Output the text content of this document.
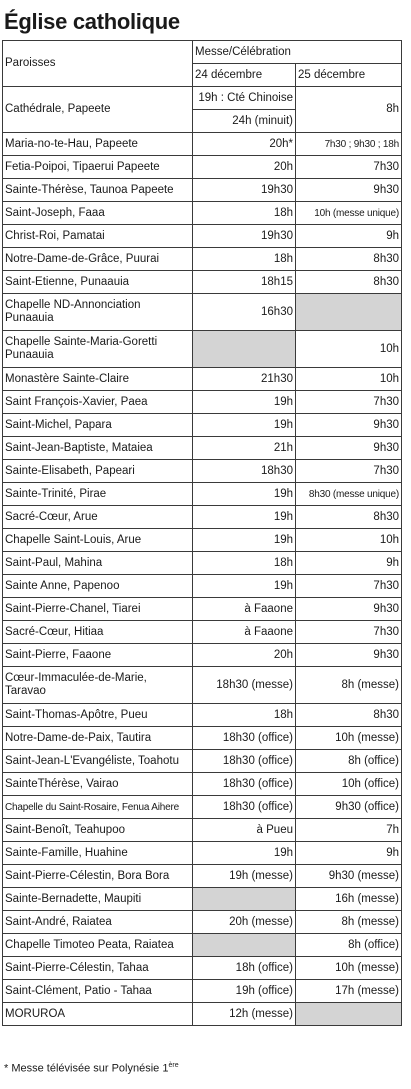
Église catholique
Paroisses	Messe/Célébration	
	24 décembre	25 décembre
Cathédrale, Papeete	19h : Cté Chinoise	8h
	24h (minuit)	
Maria-no-te-Hau, Papeete	20h*	7h30 ; 9h30 ; 18h
Fetia-Poipoi, Tipaerui Papeete	20h	7h30
Sainte-Thérèse, Taunoa Papeete	19h30	9h30
Saint-Joseph, Faaa	18h	10h (messe unique)
Christ-Roi, Pamatai	19h30	9h
Notre-Dame-de-Grâce, Puurai	18h	8h30
Saint-Etienne, Punaauia	18h15	8h30
Chapelle ND-Annonciation Punaauia	16h30	
Chapelle Sainte-Maria-Goretti Punaauia		10h
Monastère Sainte-Claire	21h30	10h
Saint François-Xavier, Paea	19h	7h30
Saint-Michel, Papara	19h	9h30
Saint-Jean-Baptiste, Mataiea	21h	9h30
Sainte-Elisabeth, Papeari	18h30	7h30
Sainte-Trinité, Pirae	19h	8h30 (messe unique)
Sacré-Cœur, Arue	19h	8h30
Chapelle Saint-Louis, Arue	19h	10h
Saint-Paul, Mahina	18h	9h
Sainte Anne, Papenoo	19h	7h30
Saint-Pierre-Chanel, Tiarei	à Faaone	9h30
Sacré-Cœur, Hitiaa	à Faaone	7h30
Saint-Pierre, Faaone	20h	9h30
Cœur-Immaculée-de-Marie, Taravao	18h30 (messe)	8h (messe)
Saint-Thomas-Apôtre, Pueu	18h	8h30
Notre-Dame-de-Paix, Tautira	18h30 (office)	10h (messe)
Saint-Jean-L'Evangéliste, Toahotu	18h30 (office)	8h (office)
SainteThérèse, Vairao	18h30 (office)	10h (office)
Chapelle du Saint-Rosaire, Fenua Aihere	18h30 (office)	9h30 (office)
Saint-Benoît, Teahupoo	à Pueu	7h
Sainte-Famille, Huahine	19h	9h
Saint-Pierre-Célestin, Bora Bora	19h (messe)	9h30 (messe)
Sainte-Bernadette, Maupiti		16h (messe)
Saint-André, Raiatea	20h (messe)	8h (messe)
Chapelle Timoteo Peata, Raiatea		8h (office)
Saint-Pierre-Célestin, Tahaa	18h (office)	10h (messe)
Saint-Clément, Patio - Tahaa	19h (office)	17h (messe)
MORUROA	12h (messe)	
* Messe télévisée sur Polynésie 1ère
